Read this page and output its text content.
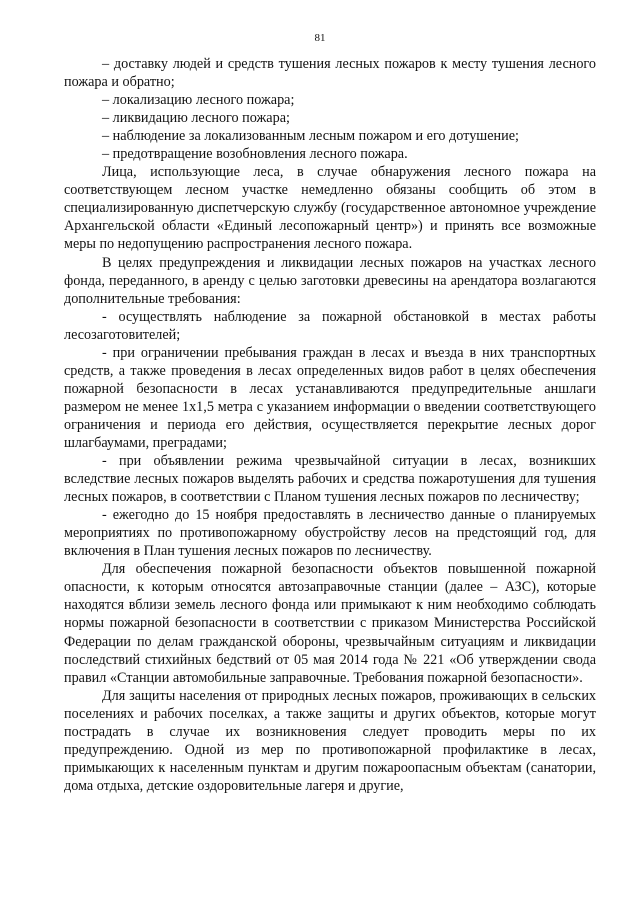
81

– доставку людей и средств тушения лесных пожаров к месту тушения лесного пожара и обратно;

– локализацию лесного пожара;

– ликвидацию лесного пожара;

– наблюдение за локализованным лесным пожаром и его дотушение;

– предотвращение возобновления лесного пожара.

Лица, использующие леса, в случае обнаружения лесного пожара на соответствующем лесном участке немедленно обязаны сообщить об этом в специализированную диспетчерскую службу (государственное автономное учреждение Архангельской области «Единый лесопожарный центр») и принять все возможные меры по недопущению распространения лесного пожара.

В целях предупреждения и ликвидации лесных пожаров на участках лесного фонда, переданного, в аренду с целью заготовки древесины на арендатора возлагаются дополнительные требования:

- осуществлять наблюдение за пожарной обстановкой в местах работы лесозаготовителей;

- при ограничении пребывания граждан в лесах и въезда в них транспортных средств, а также проведения в лесах определенных видов работ в целях обеспечения пожарной безопасности в лесах устанавливаются предупредительные аншлаги размером не менее 1х1,5 метра с указанием информации о введении соответствующего ограничения и периода его действия, осуществляется перекрытие лесных дорог шлагбаумами, преградами;

- при объявлении режима чрезвычайной ситуации в лесах, возникших вследствие лесных пожаров выделять рабочих и средства пожаротушения для тушения лесных пожаров, в соответствии с Планом тушения лесных пожаров по лесничеству;

- ежегодно до 15 ноября предоставлять в лесничество данные о планируемых мероприятиях по противопожарному обустройству лесов на предстоящий год, для включения в План тушения лесных пожаров по лесничеству.

Для обеспечения пожарной безопасности объектов повышенной пожарной опасности, к которым относятся автозаправочные станции (далее – АЗС), которые находятся вблизи земель лесного фонда или примыкают к ним необходимо соблюдать нормы пожарной безопасности в соответствии с приказом Министерства Российской Федерации по делам гражданской обороны, чрезвычайным ситуациям и ликвидации последствий стихийных бедствий от 05 мая 2014 года № 221 «Об утверждении свода правил «Станции автомобильные заправочные. Требования пожарной безопасности».

Для защиты населения от природных лесных пожаров, проживающих в сельских поселениях и рабочих поселках, а также защиты и других объектов, которые могут пострадать в случае их возникновения следует проводить меры по их предупреждению. Одной из мер по противопожарной профилактике в лесах, примыкающих к населенным пунктам и другим пожароопасным объектам (санатории, дома отдыха, детские оздоровительные лагеря и другие,
